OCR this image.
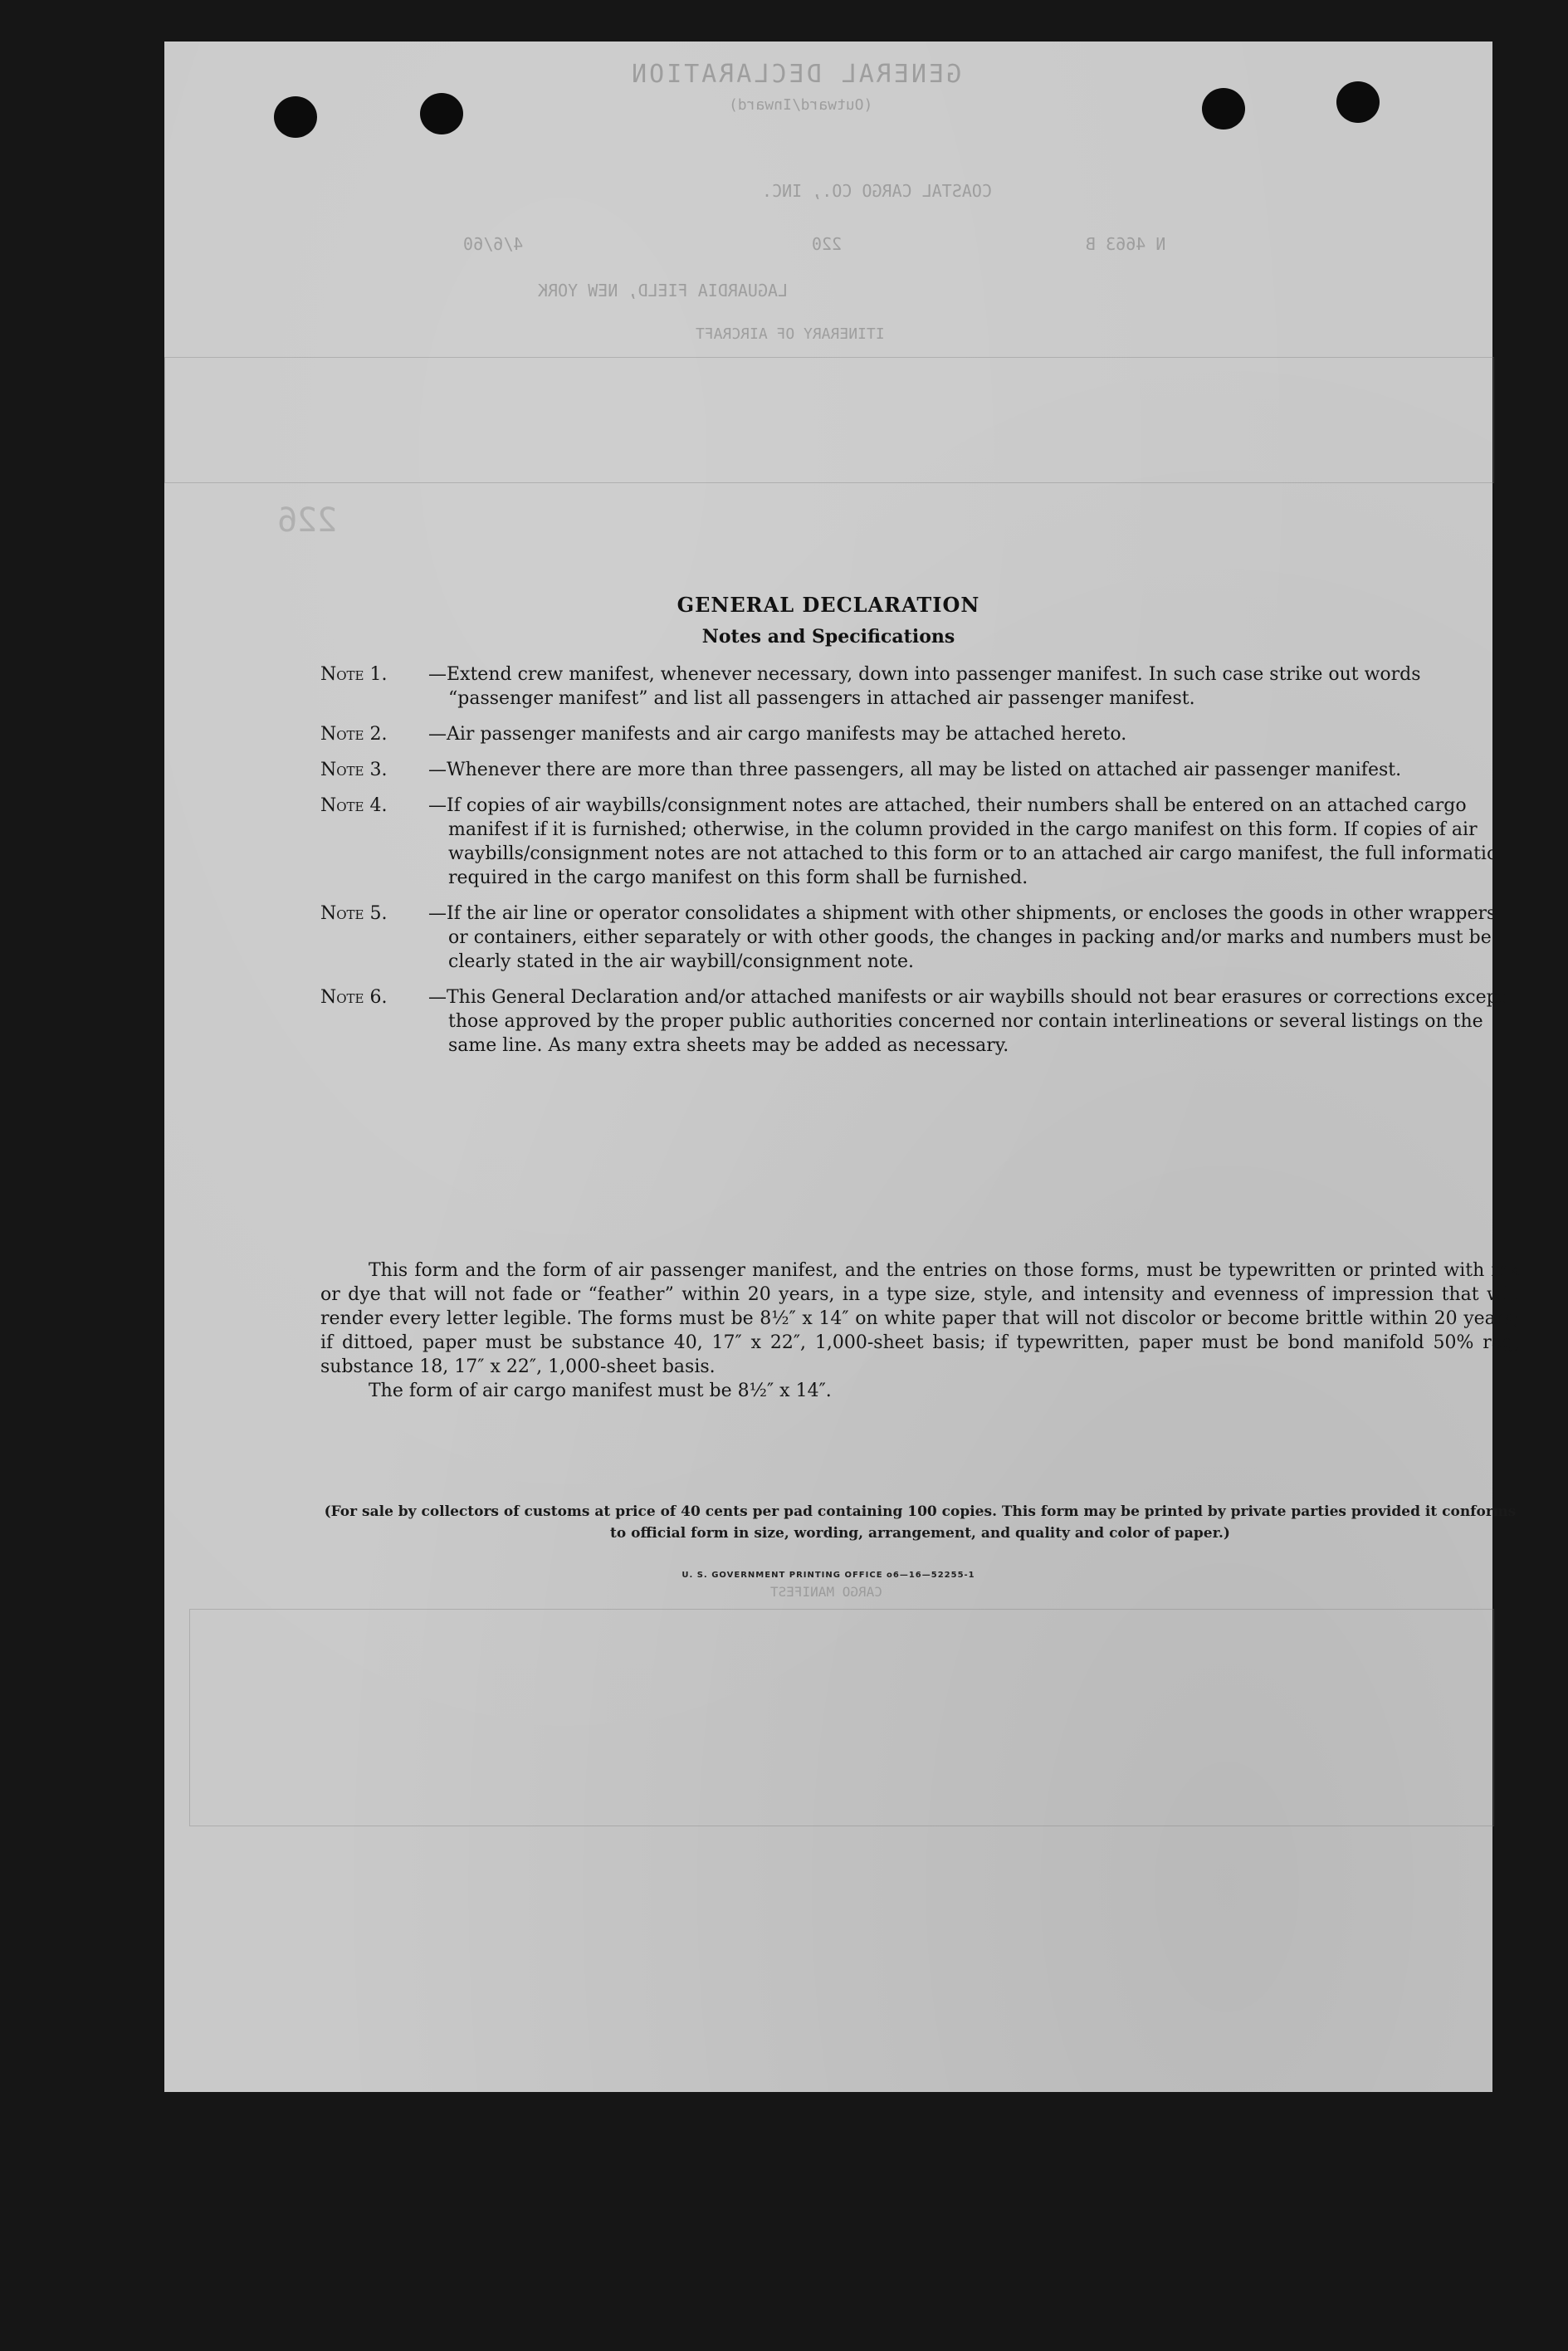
GENERAL DECLARATION
(Outward/Inward)
COASTAL CARGO CO., INC.
N 4663 B
220
4/6/60
LAGUARDIA FIELD, NEW YORK
ITINERARY OF AIRCRAFT
226
CARGO MANIFEST
GENERAL DECLARATION
Notes and Specifications
Note 1.	—Extend crew manifest, whenever necessary, down into passenger manifest. In such case strike out words “passenger manifest” and list all passengers in attached air passenger manifest.
Note 2.	—Air passenger manifests and air cargo manifests may be attached hereto.
Note 3.	—Whenever there are more than three passengers, all may be listed on attached air passenger manifest.
Note 4.	—If copies of air waybills/consignment notes are attached, their numbers shall be entered on an attached cargo manifest if it is furnished; otherwise, in the column provided in the cargo manifest on this form. If copies of air waybills/consignment notes are not attached to this form or to an attached air cargo manifest, the full information required in the cargo manifest on this form shall be furnished.
Note 5.	—If the air line or operator consolidates a shipment with other shipments, or encloses the goods in other wrappers or containers, either separately or with other goods, the changes in packing and/or marks and numbers must be clearly stated in the air waybill/consignment note.
Note 6.	—This General Declaration and/or attached manifests or air waybills should not bear erasures or corrections except those approved by the proper public authorities concerned nor contain interlineations or several listings on the same line. As many extra sheets may be added as necessary.

This form and the form of air passenger manifest, and the entries on those forms, must be typewritten or printed with ink or dye that will not fade or “feather” within 20 years, in a type size, style, and intensity and evenness of impression that will render every letter legible. The forms must be 8½″ x 14″ on white paper that will not discolor or become brittle within 20 years; if dittoed, paper must be substance 40, 17″ x 22″, 1,000-sheet basis; if typewritten, paper must be bond manifold 50% rag, substance 18, 17″ x 22″, 1,000-sheet basis.

The form of air cargo manifest must be 8½″ x 14″.

(For sale by collectors of customs at price of 40 cents per pad containing 100 copies. This form may be printed by private parties provided it conforms to official form in size, wording, arrangement, and quality and color of paper.)
U. S. GOVERNMENT PRINTING OFFICE o6—16—52255-1
